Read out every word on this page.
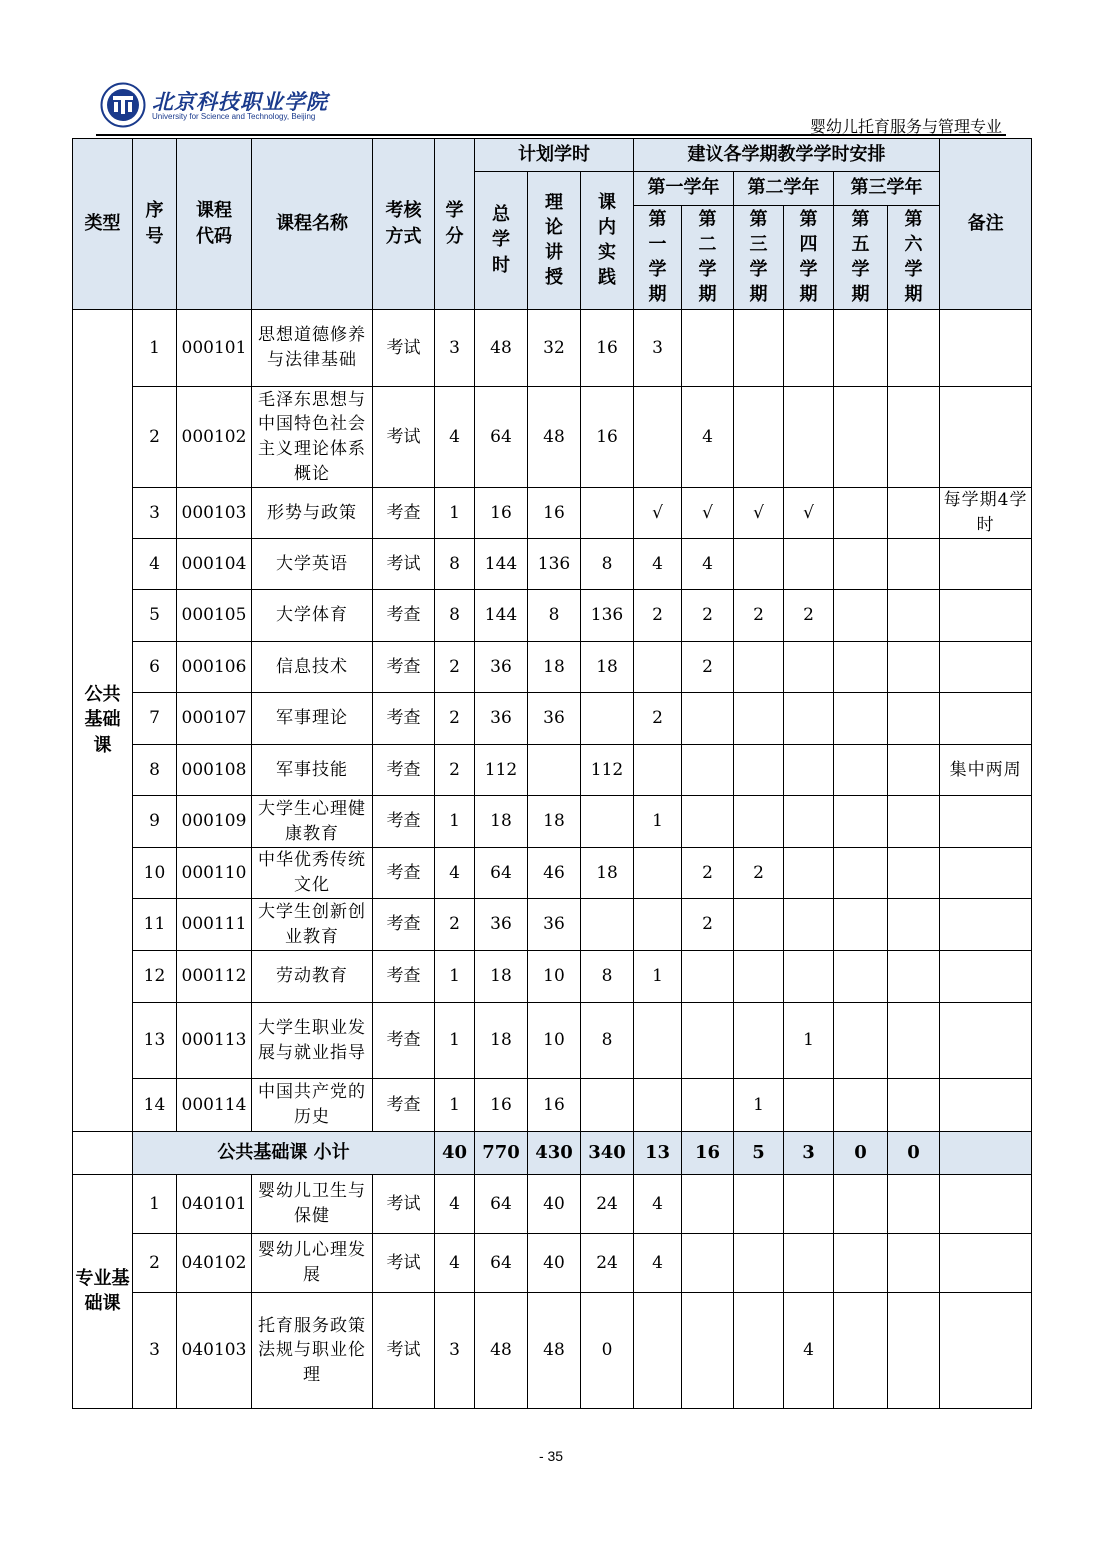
北京科技职业学院
University for Science and Technology, Beijing
婴幼儿托育服务与管理专业
类型	序号	课程代码	课程名称	考核方式	学分	计划学时			建议各学期教学学时安排						备注
						总学时	理论讲授	课内实践	第一学年		第二学年		第三学年		
									第一学期	第二学期	第三学期	第四学期	第五学期	第六学期	
公共基础课	1	000101	思想道德修养与法律基础	考试	3	48	32	16	3						
	2	000102	毛泽东思想与中国特色社会主义理论体系概论	考试	4	64	48	16		4					
	3	000103	形势与政策	考查	1	16	16		√	√	√	√			每学期4学时
	4	000104	大学英语	考试	8	144	136	8	4	4					
	5	000105	大学体育	考查	8	144	8	136	2	2	2	2			
	6	000106	信息技术	考查	2	36	18	18		2					
	7	000107	军事理论	考查	2	36	36		2						
	8	000108	军事技能	考查	2	112		112							集中两周
	9	000109	大学生心理健康教育	考查	1	18	18		1						
	10	000110	中华优秀传统文化	考查	4	64	46	18		2	2				
	11	000111	大学生创新创业教育	考查	2	36	36			2					
	12	000112	劳动教育	考查	1	18	10	8	1						
	13	000113	大学生职业发展与就业指导	考查	1	18	10	8				1			
	14	000114	中国共产党的历史	考查	1	16	16				1				
	公共基础课 小计				40	770	430	340	13	16	5	3	0	0	
专业基础课	1	040101	婴幼儿卫生与保健	考试	4	64	40	24	4						
	2	040102	婴幼儿心理发展	考试	4	64	40	24	4						
	3	040103	托育服务政策法规与职业伦理	考试	3	48	48	0				4			
- 35
